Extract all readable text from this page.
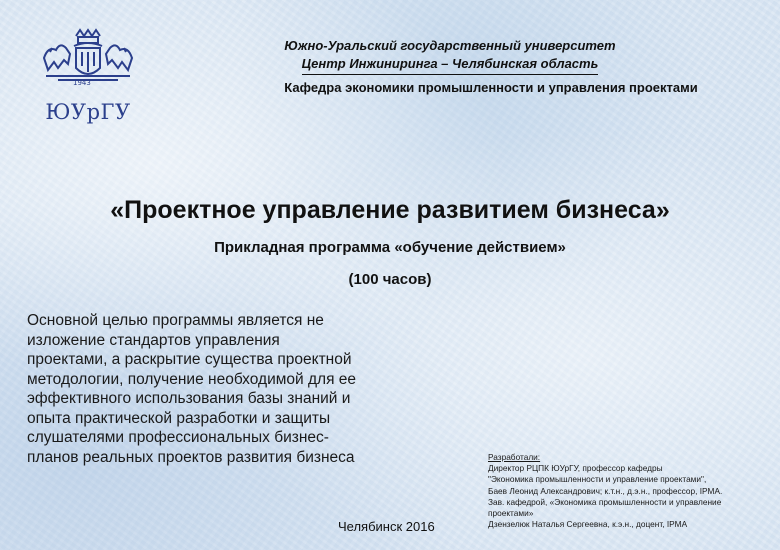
1943
ЮУрГУ
Южно-Уральский государственный университет
Центр Инжиниринга – Челябинская область
Кафедра экономики промышленности и управления проектами
«Проектное управление развитием бизнеса»
Прикладная программа «обучение действием»
(100 часов)
Основной целью программы является не
изложение стандартов управления
проектами, а раскрытие существа проектной
методологии, получение необходимой для ее
эффективного использования базы знаний и
опыта практической разработки и защиты
слушателями профессиональных бизнес-
планов реальных проектов развития бизнеса
Челябинск 2016
Разработали:
Директор РЦПК ЮУрГУ, профессор кафедры
"Экономика промышленности и управление проектами",
Баев Леонид Александрович; к.т.н., д.э.н., профессор, IPMA.
Зав. кафедрой, «Экономика промышленности и управление
проектами»
Дзензелюк Наталья Сергеевна, к.э.н., доцент, IPMA
